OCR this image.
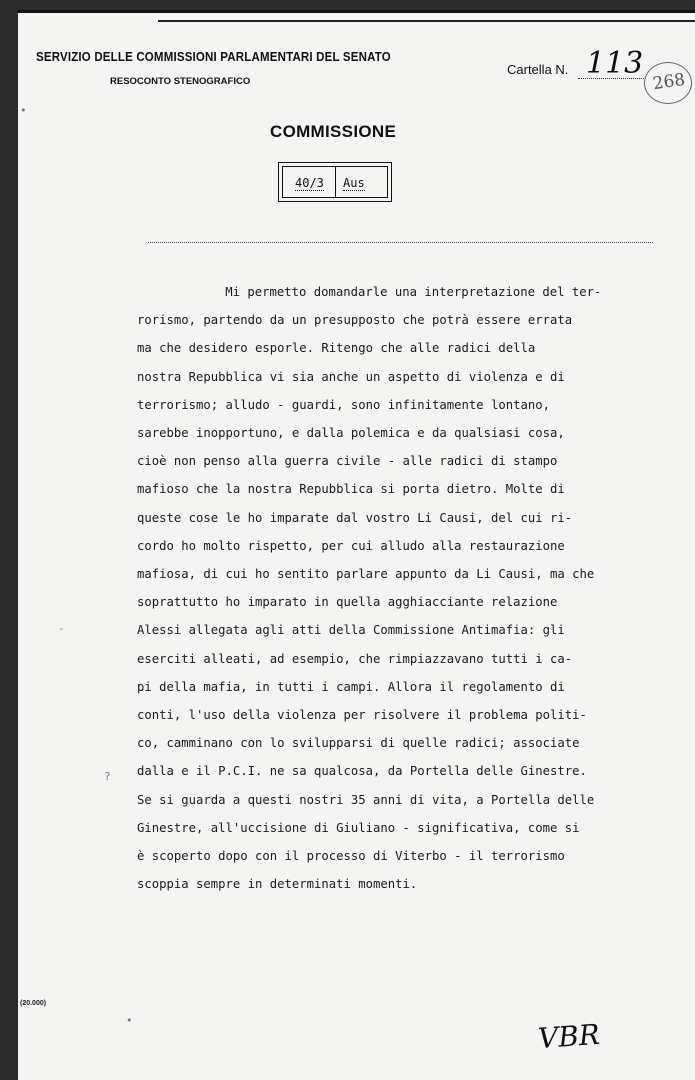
SERVIZIO DELLE COMMISSIONI PARLAMENTARI DEL SENATO
RESOCONTO STENOGRAFICO
Cartella N. 113
268
COMMISSIONE
40/3 Aus
Mi permetto domandarle una interpretazione del ter-
rorismo, partendo da un presupposto che potrà essere errata
ma che desidero esporle. Ritengo che alle radici della
nostra Repubblica vi sia anche un aspetto di violenza e di
terrorismo; alludo - guardi, sono infinitamente lontano,
sarebbe inopportuno, e dalla polemica e da qualsiasi cosa,
cioè non penso alla guerra civile - alle radici di stampo
mafioso che la nostra Repubblica si porta dietro. Molte di
queste cose le ho imparate dal vostro Li Causi, del cui ri-
cordo ho molto rispetto, per cui alludo alla restaurazione
mafiosa, di cui ho sentito parlare appunto da Li Causi, ma che
soprattutto ho imparato in quella agghiacciante relazione
Alessi allegata agli atti della Commissione Antimafia: gli
eserciti alleati, ad esempio, che rimpiazzavano tutti i ca-
pi della mafia, in tutti i campi. Allora il regolamento di
conti, l'uso della violenza per risolvere il problema politi-
co, camminano con lo svilupparsi di quelle radici; associate
dalla e il P.C.I. ne sa qualcosa, da Portella delle Ginestre.
Se si guarda a questi nostri 35 anni di vita, a Portella delle
Ginestre, all'uccisione di Giuliano - significativa, come si
è scoperto dopo con il processo di Viterbo - il terrorismo
scoppia sempre in determinati momenti.
•
-
?
•
(20.000)
VBR
